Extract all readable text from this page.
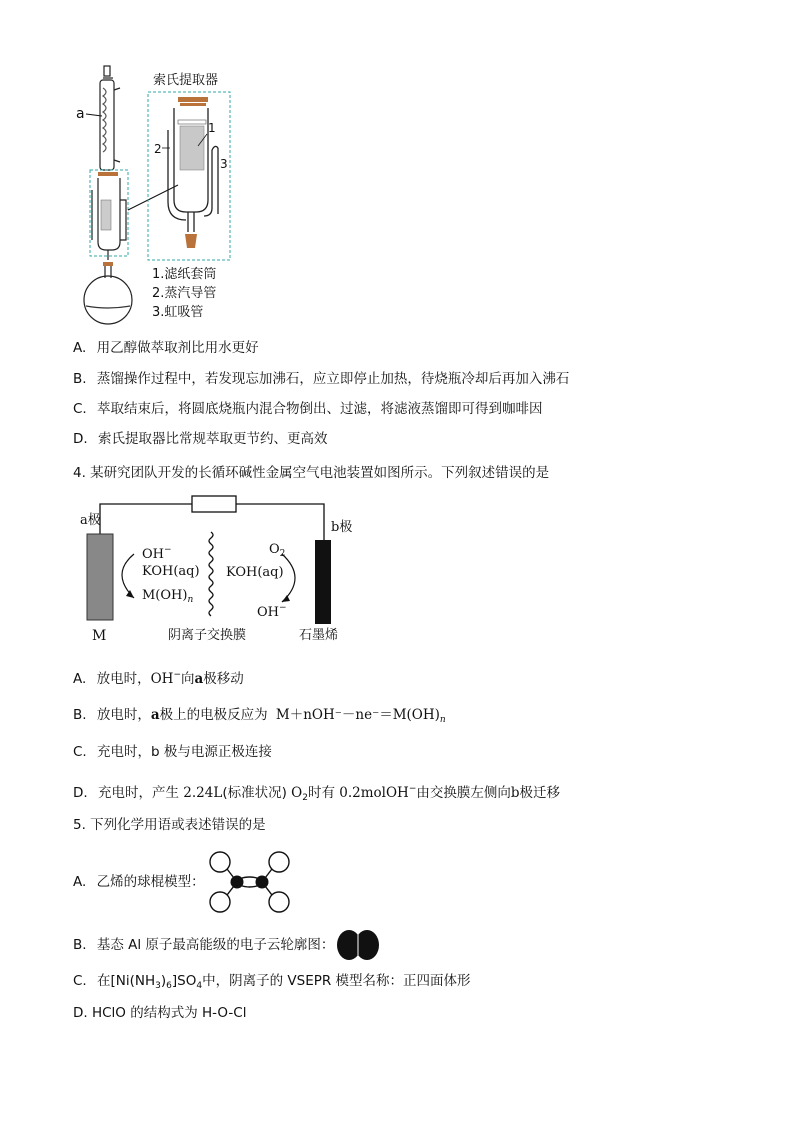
a
1
2
3
索氏提取器
1.滤纸套筒
2.蒸汽导管
3.虹吸管
A. 用乙醇做萃取剂比用水更好
B. 蒸馏操作过程中，若发现忘加沸石，应立即停止加热，待烧瓶冷却后再加入沸石
C. 萃取结束后，将圆底烧瓶内混合物倒出、过滤，将滤液蒸馏即可得到咖啡因
D. 索氏提取器比常规萃取更节约、更高效
4. 某研究团队开发的长循环碱性金属空气电池装置如图所示。下列叙述错误的是
a极	b极
OH−
KOH(aq)
$M(OH)_n$
$O_2$
KOH(aq)
OH−
M	阴离子交换膜	石墨烯
A. 放电时，OH−向a极移动
B. 放电时，a极上的电极反应为 $M+nOH^--ne^-=M(OH)_n$
C. 充电时，b 极与电源正极连接
D. 充电时，产生 2.24L(标准状况) $O_2$时有 0.2molOH−由交换膜左侧向b极迁移
5. 下列化学用语或表述错误的是
A. 乙烯的球棍模型：
B. 基态 Al 原子最高能级的电子云轮廓图：
C. 在$[Ni(NH_3)_6]SO_4$中，阴离子的 VSEPR 模型名称：正四面体形
D. HClO 的结构式为 H-O-Cl
